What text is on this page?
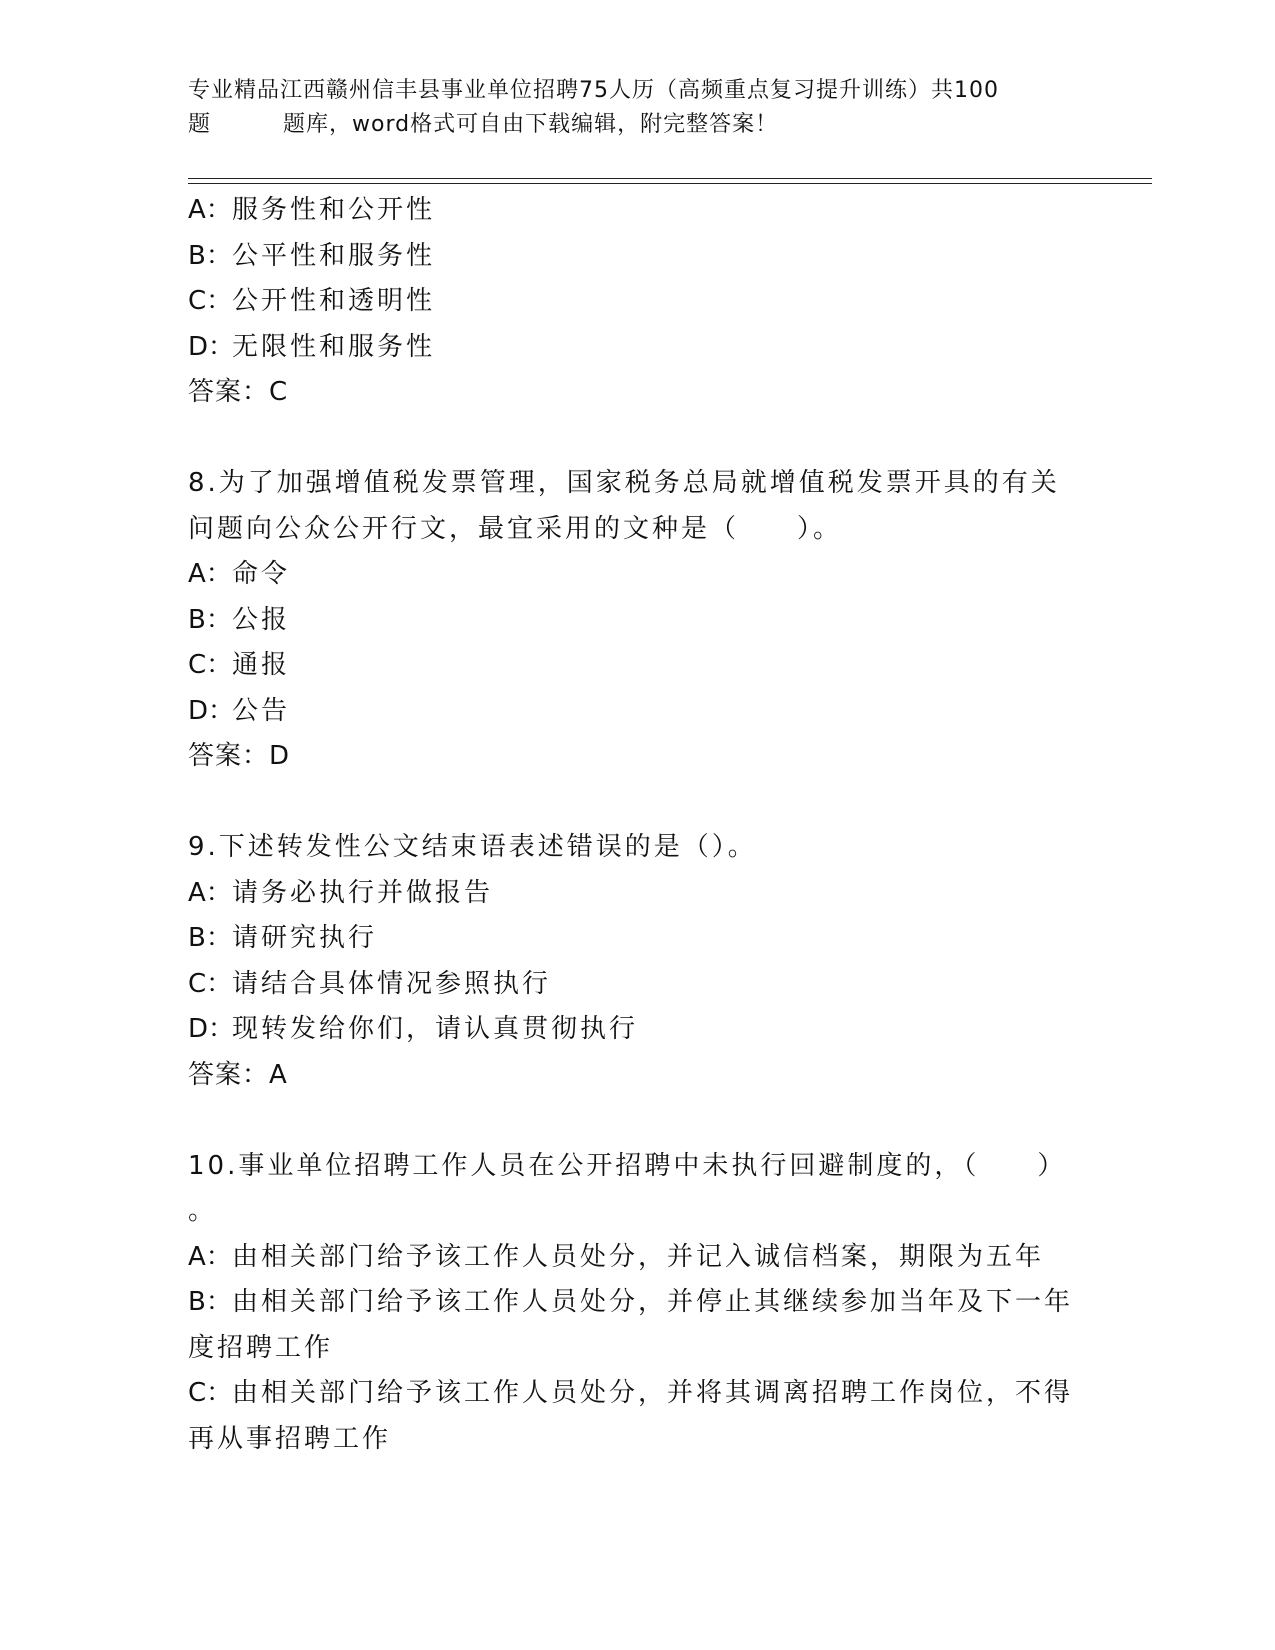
专业精品江西赣州信丰县事业单位招聘75人历（高频重点复习提升训练）共100
题	题库，word格式可自由下载编辑，附完整答案！
A：服务性和公开性
B：公平性和服务性
C：公开性和透明性
D：无限性和服务性
答案：C
8.为了加强增值税发票管理，国家税务总局就增值税发票开具的有关
问题向公众公开行文，最宜采用的文种是（　　）。
A：命令
B：公报
C：通报
D：公告
答案：D
9.下述转发性公文结束语表述错误的是（）。
A：请务必执行并做报告
B：请研究执行
C：请结合具体情况参照执行
D：现转发给你们，请认真贯彻执行
答案：A
10.事业单位招聘工作人员在公开招聘中未执行回避制度的，（　　）
。
A：由相关部门给予该工作人员处分，并记入诚信档案，期限为五年
B：由相关部门给予该工作人员处分，并停止其继续参加当年及下一年
度招聘工作
C：由相关部门给予该工作人员处分，并将其调离招聘工作岗位，不得
再从事招聘工作
